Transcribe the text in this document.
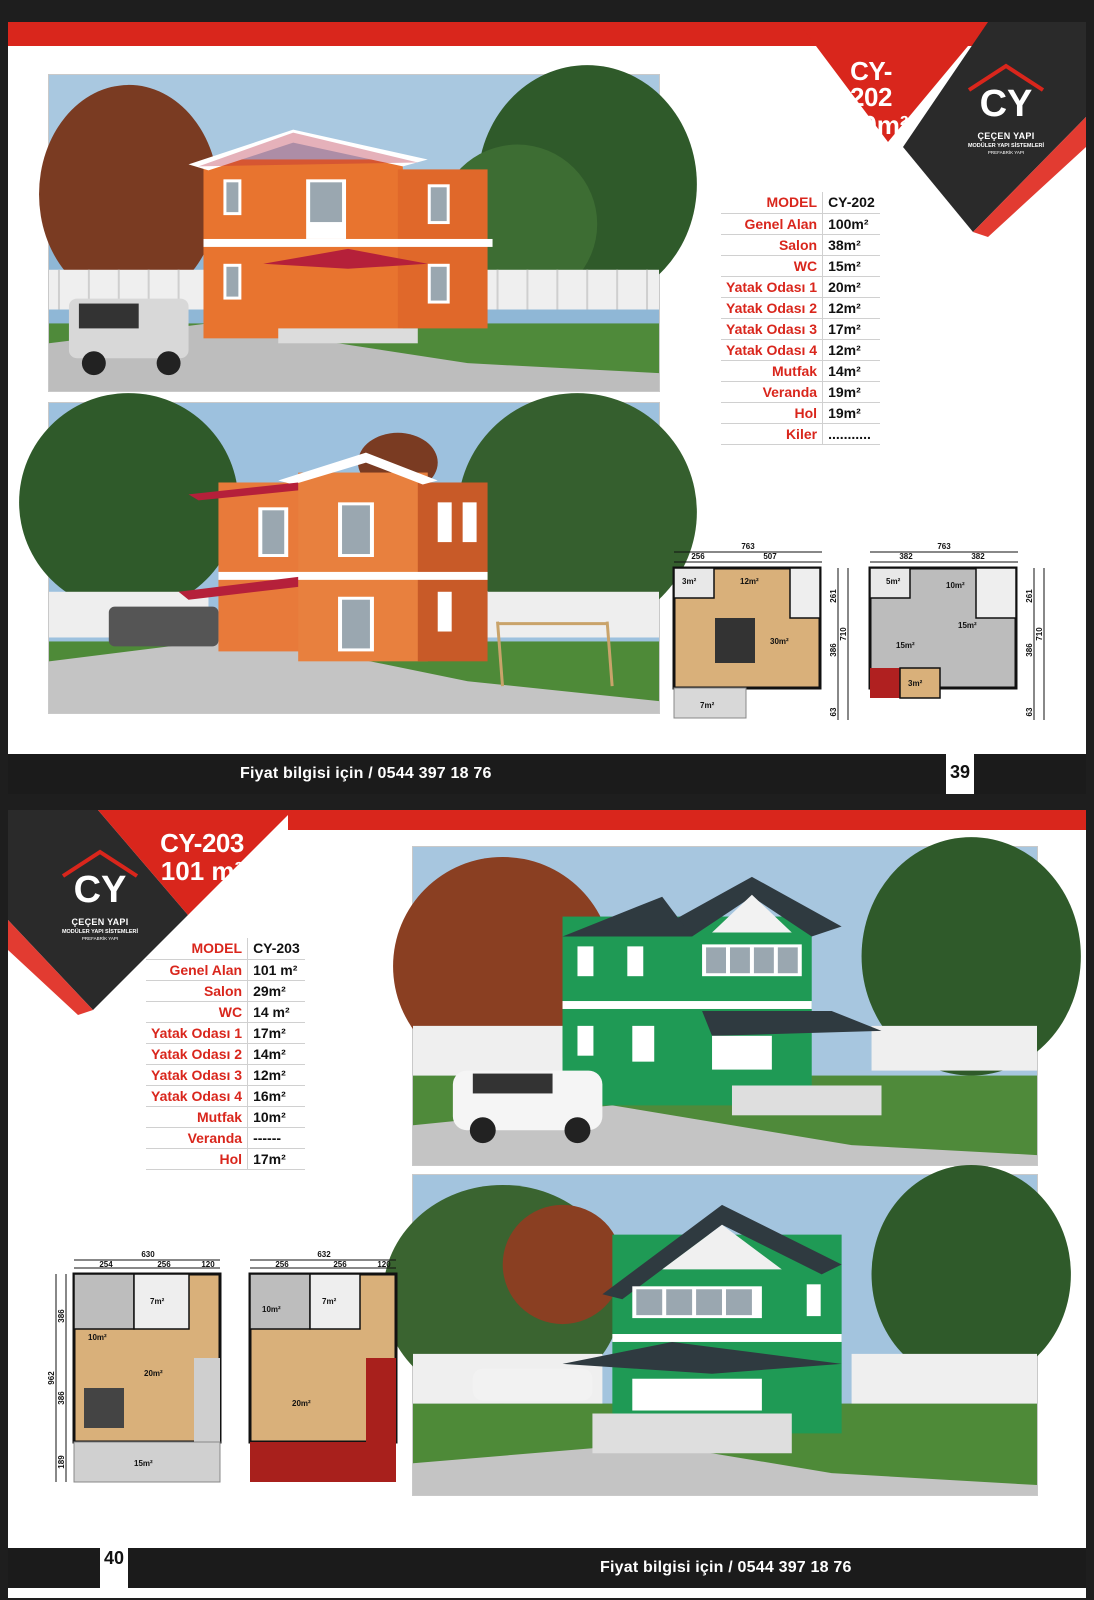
CY-202
100m² CY
ÇEÇEN YAPI
MODÜLER YAPI SİSTEMLERİ
PREFABRİK YAPI
MODEL	CY-202
Genel Alan	100m²
Salon	38m²
WC	15m²
Yatak Odası 1	20m²
Yatak Odası 2	12m²
Yatak Odası 3	17m²
Yatak Odası 4	12m²
Mutfak	14m²
Veranda	19m²
Hol	19m²
Kiler	...........
763
256	507
3m²	12m²
30m²
7m²
261
386
63
710
763
382	382
5m²	10m²
15m²
15m²
3m²
261
386
63
710
Fiyat bilgisi için / 0544 397 18 76	39
CY-203
101 m²
CY
ÇEÇEN YAPI
MODÜLER YAPI SİSTEMLERİ
PREFABRİK YAPI
MODEL	CY-203
Genel Alan	101 m²
Salon	29m²
WC	14 m²
Yatak Odası 1	17m²
Yatak Odası 2	14m²
Yatak Odası 3	12m²
Yatak Odası 4	16m²
Mutfak	10m²
Veranda	------
Hol	17m²
630
254	256	120
7m²
10m²
20m²
15m²
386
386
189
962
632
256	256	120
10m²
7m²
20m²
Fiyat bilgisi için / 0544 397 18 76
40
